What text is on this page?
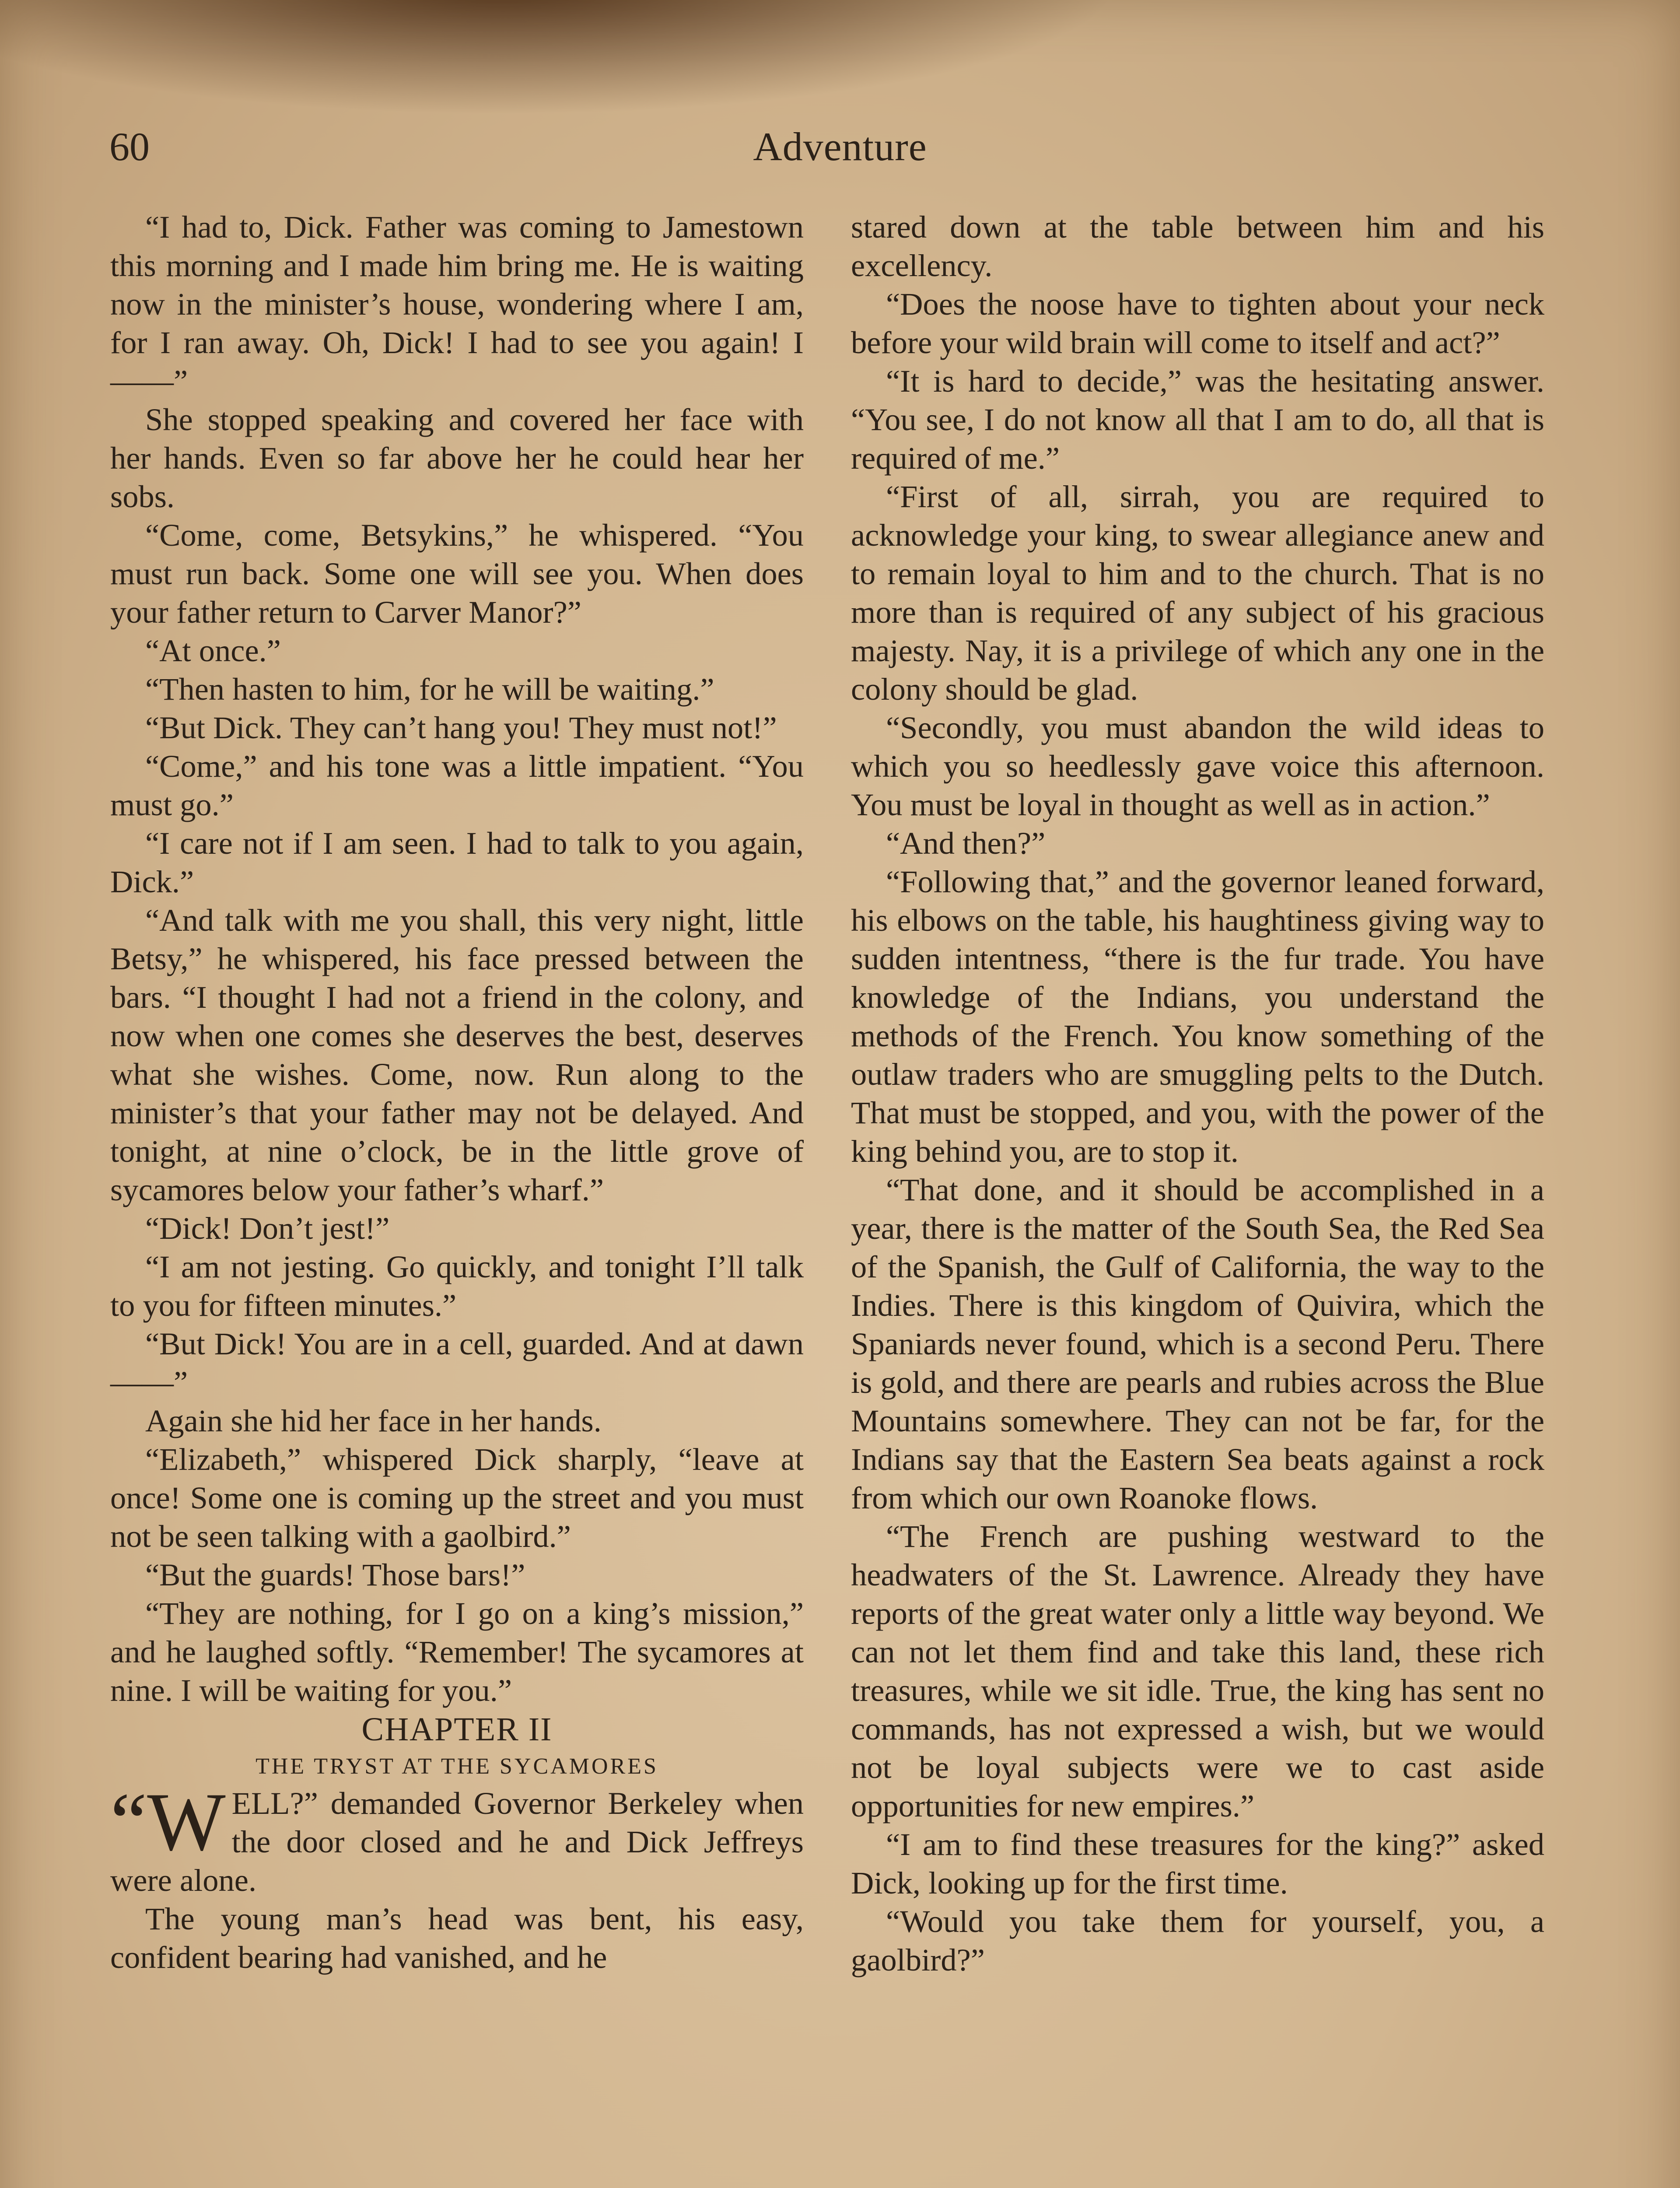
60	Adventure

“I had to, Dick. Father was coming to Jamestown this morning and I made him bring me. He is waiting now in the minister’s house, wondering where I am, for I ran away. Oh, Dick! I had to see you again! I——”

She stopped speaking and covered her face with her hands. Even so far above her he could hear her sobs.

“Come, come, Betsykins,” he whispered. “You must run back. Some one will see you. When does your father return to Carver Manor?”

“At once.”

“Then hasten to him, for he will be waiting.”

“But Dick. They can’t hang you! They must not!”

“Come,” and his tone was a little impatient. “You must go.”

“I care not if I am seen. I had to talk to you again, Dick.”

“And talk with me you shall, this very night, little Betsy,” he whispered, his face pressed between the bars. “I thought I had not a friend in the colony, and now when one comes she deserves the best, deserves what she wishes. Come, now. Run along to the minister’s that your father may not be delayed. And tonight, at nine o’clock, be in the little grove of sycamores below your father’s wharf.”

“Dick! Don’t jest!”

“I am not jesting. Go quickly, and tonight I’ll talk to you for fifteen minutes.”

“But Dick! You are in a cell, guarded. And at dawn——”

Again she hid her face in her hands.

“Elizabeth,” whispered Dick sharply, “leave at once! Some one is coming up the street and you must not be seen talking with a gaolbird.”

“But the guards! Those bars!”

“They are nothing, for I go on a king’s mission,” and he laughed softly. “Remember! The sycamores at nine. I will be waiting for you.”

CHAPTER II

THE TRYST AT THE SYCAMORES

“WELL?” demanded Governor Berkeley when the door closed and he and Dick Jeffreys were alone.

The young man’s head was bent, his easy, confident bearing had vanished, and he

stared down at the table between him and his excellency.

“Does the noose have to tighten about your neck before your wild brain will come to itself and act?”

“It is hard to decide,” was the hesitating answer. “You see, I do not know all that I am to do, all that is required of me.”

“First of all, sirrah, you are required to acknowledge your king, to swear allegiance anew and to remain loyal to him and to the church. That is no more than is required of any subject of his gracious majesty. Nay, it is a privilege of which any one in the colony should be glad.

“Secondly, you must abandon the wild ideas to which you so heedlessly gave voice this afternoon. You must be loyal in thought as well as in action.”

“And then?”

“Following that,” and the governor leaned forward, his elbows on the table, his haughtiness giving way to sudden intentness, “there is the fur trade. You have knowledge of the Indians, you understand the methods of the French. You know something of the outlaw traders who are smuggling pelts to the Dutch. That must be stopped, and you, with the power of the king behind you, are to stop it.

“That done, and it should be accomplished in a year, there is the matter of the South Sea, the Red Sea of the Spanish, the Gulf of California, the way to the Indies. There is this kingdom of Quivira, which the Spaniards never found, which is a second Peru. There is gold, and there are pearls and rubies across the Blue Mountains somewhere. They can not be far, for the Indians say that the Eastern Sea beats against a rock from which our own Roanoke flows.

“The French are pushing westward to the headwaters of the St. Lawrence. Already they have reports of the great water only a little way beyond. We can not let them find and take this land, these rich treasures, while we sit idle. True, the king has sent no commands, has not expressed a wish, but we would not be loyal subjects were we to cast aside opportunities for new empires.”

“I am to find these treasures for the king?” asked Dick, looking up for the first time.

“Would you take them for yourself, you, a gaolbird?”
